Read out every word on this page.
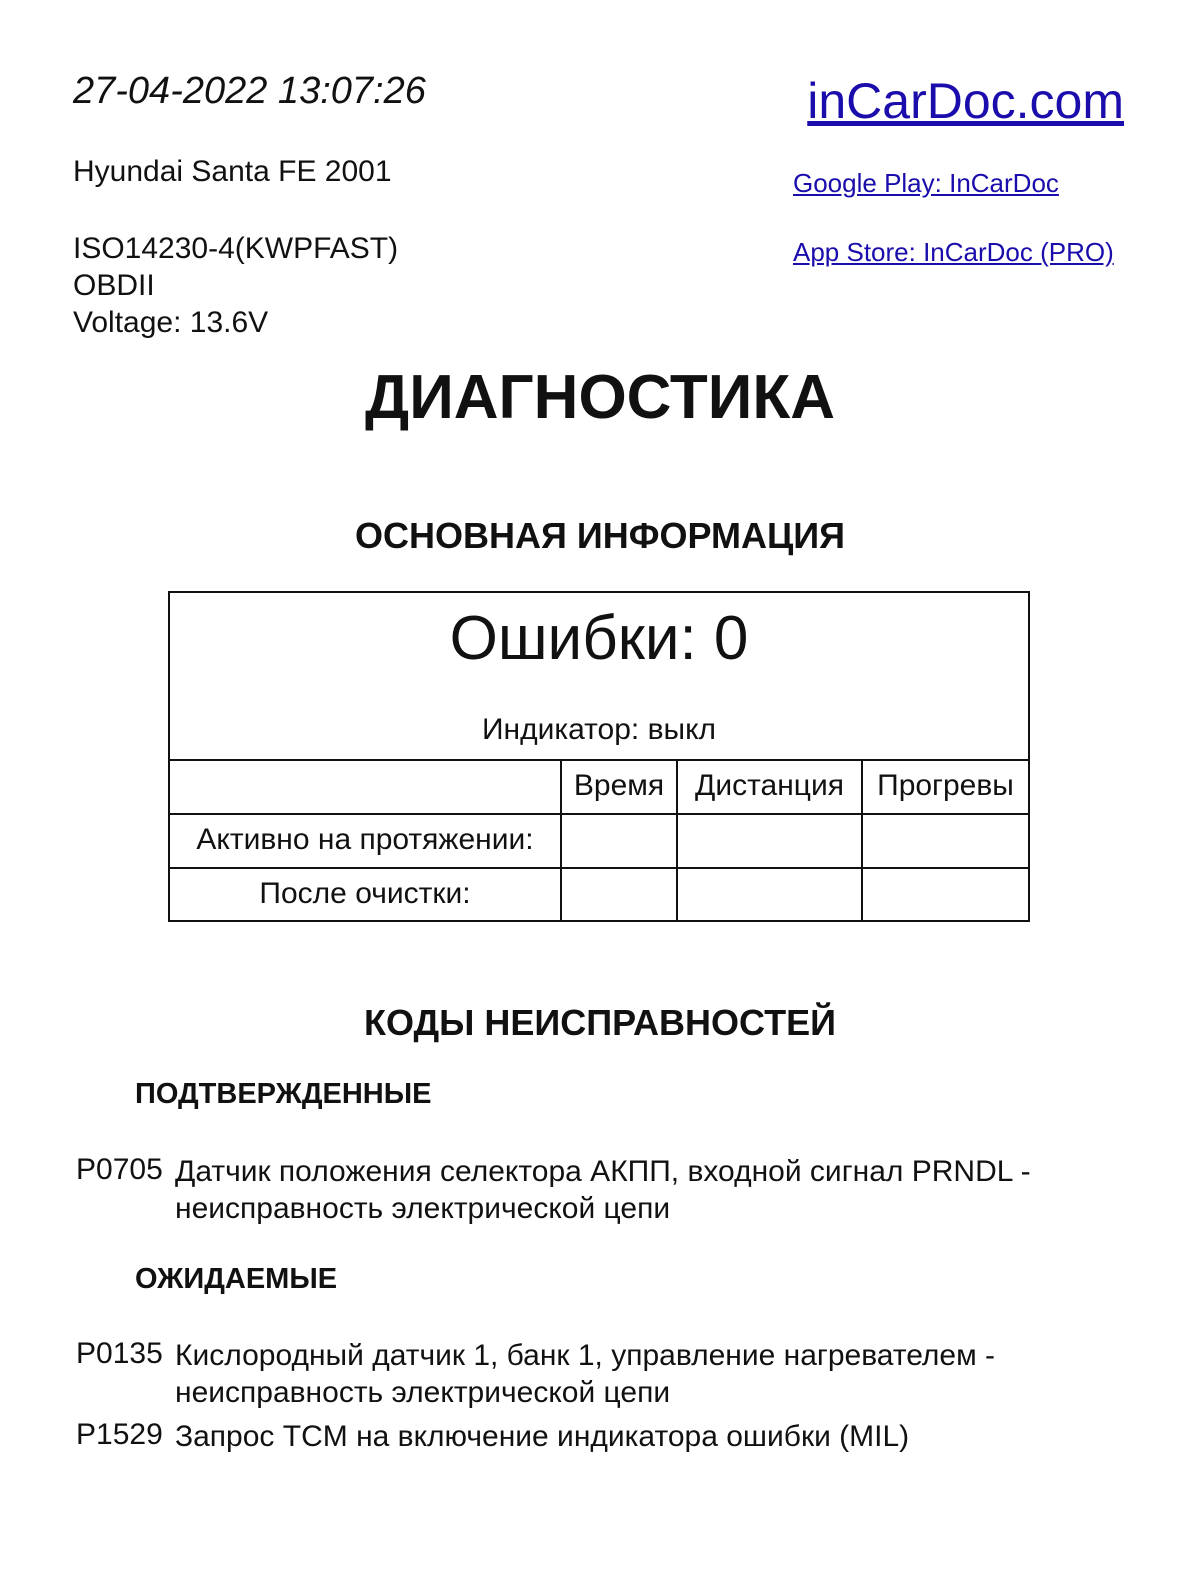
27-04-2022 13:07:26
Hyundai Santa FE 2001
ISO14230-4(KWPFAST)
OBDII
Voltage: 13.6V
inCarDoc.com
Google Play: InCarDoc
App Store: InCarDoc (PRO)
ДИАГНОСТИКА
ОСНОВНАЯ ИНФОРМАЦИЯ
Ошибки: 0
Индикатор: выкл
Время	Дистанция	Прогревы
Активно на протяжении:
После очистки:
КОДЫ НЕИСПРАВНОСТЕЙ
ПОДТВЕРЖДЕННЫЕ
P0705 Датчик положения селектора АКПП, входной сигнал PRNDL - неисправность электрической цепи
ОЖИДАЕМЫЕ
P0135 Кислородный датчик 1, банк 1, управление нагревателем - неисправность электрической цепи
P1529 Запрос TCM на включение индикатора ошибки (MIL)
